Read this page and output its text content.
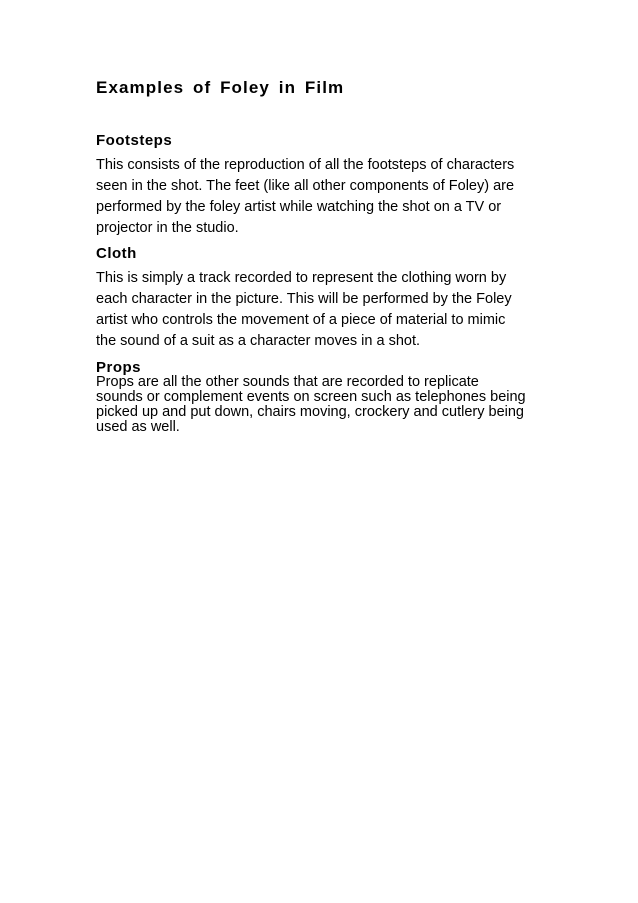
Examples of Foley in Film
Footsteps
This consists of the reproduction of all the footsteps of characters
seen in the shot. The feet (like all other components of Foley) are
performed by the foley artist while watching the shot on a TV or
projector in the studio.
Cloth
This is simply a track recorded to represent the clothing worn by
each character in the picture. This will be performed by the Foley
artist who controls the movement of a piece of material to mimic
the sound of a suit as a character moves in a shot.
Props
Props are all the other sounds that are recorded to replicate
sounds or complement events on screen such as telephones being
picked up and put down, chairs moving, crockery and cutlery being
used as well.
